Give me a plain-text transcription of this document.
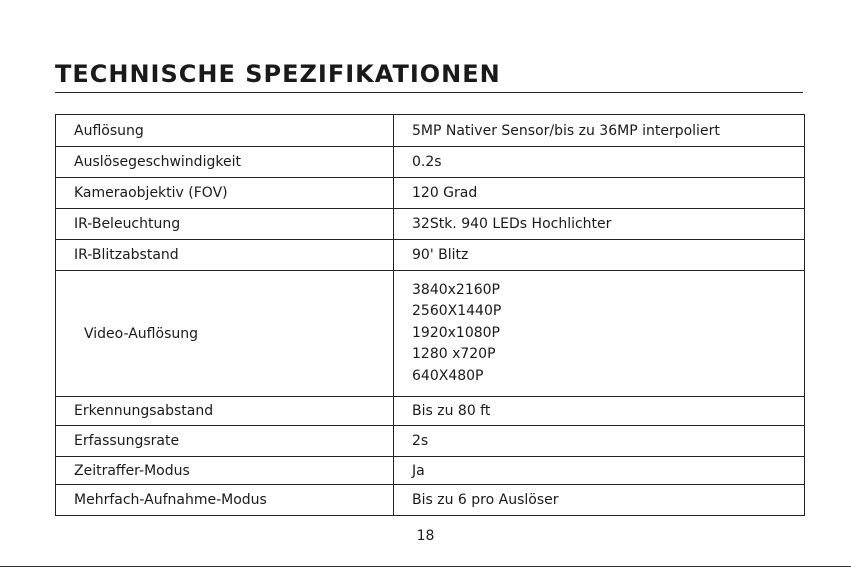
TECHNISCHE SPEZIFIKATIONEN
Auflösung	5MP Nativer Sensor/bis zu 36MP interpoliert
Auslösegeschwindigkeit	0.2s
Kameraobjektiv (FOV)	120 Grad
IR-Beleuchtung	32Stk. 940 LEDs Hochlichter
IR-Blitzabstand	90' Blitz
Video-Auflösung	3840x2160P
2560X1440P
1920x1080P
1280 x720P
640X480P

Erkennungsabstand	Bis zu 80 ft
Erfassungsrate	2s
Zeitraffer-Modus	Ja
Mehrfach-Aufnahme-Modus	Bis zu 6 pro Auslöser
18
